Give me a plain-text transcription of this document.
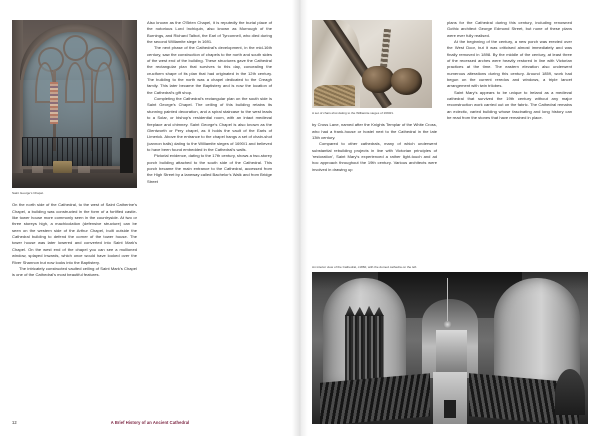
Saint George's Chapel.

On the north side of the Cathedral, to the west of Saint Catherine's Chapel, a building was constructed in the form of a fortified castle-like tower house more commonly seen in the countryside. At two or three storeys high, a machicolation (defensive structure) can be seen on the western side of the Arthur Chapel, built outside the Cathedral building to defend the corner of the tower house. The tower house was later lowered and converted into Saint Mark's Chapel. On the west end of the chapel you can see a mullioned window, splayed inwards, which once would have looked over the River Shannon but now looks into the Baptistery.

The intricately constructed vaulted ceiling of Saint Mark's Chapel is one of the Cathedral's most beautiful features.

Also known as the O'Brien Chapel, it is reputedly the burial place of the notorious Lord Inchiquin, also known as Murrough of the Burnings, and Richard Talbot, the Earl of Tyrconnell, who died during the second Williamite siege in 1691.

The next phase of the Cathedral's development, in the mid-16th century, saw the construction of chapels to the north and south sides of the west end of the building. These structures gave the Cathedral the rectangular plan that survives to this day, concealing the cruciform shape of its plan that had originated in the 12th century. The building to the north was a chapel dedicated to the Creagh family. This later became the Baptistery and is now the location of the Cathedral's gift shop.

Completing the Cathedral's rectangular plan on the south side is Saint George's Chapel. The ceiling of this building retains its stunning painted decoration, and a spiral staircase to the west leads to a Solar, or bishop's residential room, with an intact medieval fireplace and chimney. Saint George's Chapel is also known as the Glentworth or Pery chapel, as it holds the vault of the Earls of Limerick. Above the entrance to the chapel hangs a set of chain-shot (cannon balls) dating to the Williamite sieges of 1690/1 and believed to have been found embedded in the Cathedral's walls.

Pictorial evidence, dating to the 17th century, shows a two-storey porch building attached to the south side of the Cathedral. This porch became the main entrance to the Cathedral, accessed from the High Street by a laneway called Bachelor's Walk and from Bridge Street

12	A Brief History of an Ancient Cathedral
A set of chain-shot dating to the Williamite sieges of 1690/1.

by Cross Lane, named after the Knights Templar of the White Cross, who had a frank-house or hostel next to the Cathedral in the late 13th century.

Compared to other cathedrals, many of which underwent substantial rebuilding projects in line with Victorian principles of 'restoration', Saint Mary's experienced a rather light-touch and ad hoc approach throughout the 19th century. Various architects were involved in drawing up

plans for the Cathedral during this century, including renowned Gothic architect George Edmond Street, but none of these plans were ever fully realised.

At the beginning of the century, a new porch was erected over the West Door, but it was criticised almost immediately and was finally removed in 1898. By the middle of the century, at least three of the recessed arches were heavily restored in line with Victorian practices at the time. The eastern elevation also underwent numerous alterations during this century. Around 1859, work had begun on the current reredos and windows, a triple lancet arrangement with twin trilobes.

Saint Mary's appears to be unique to Ireland as a medieval cathedral that survived the 19th century without any major reconstruction work carried out on the fabric. The Cathedral remains an eclectic, varied building whose fascinating and long history can be read from the stones that have remained in place.

An interior view of the Cathedral, c1860, with the domed cathedra on the left.
